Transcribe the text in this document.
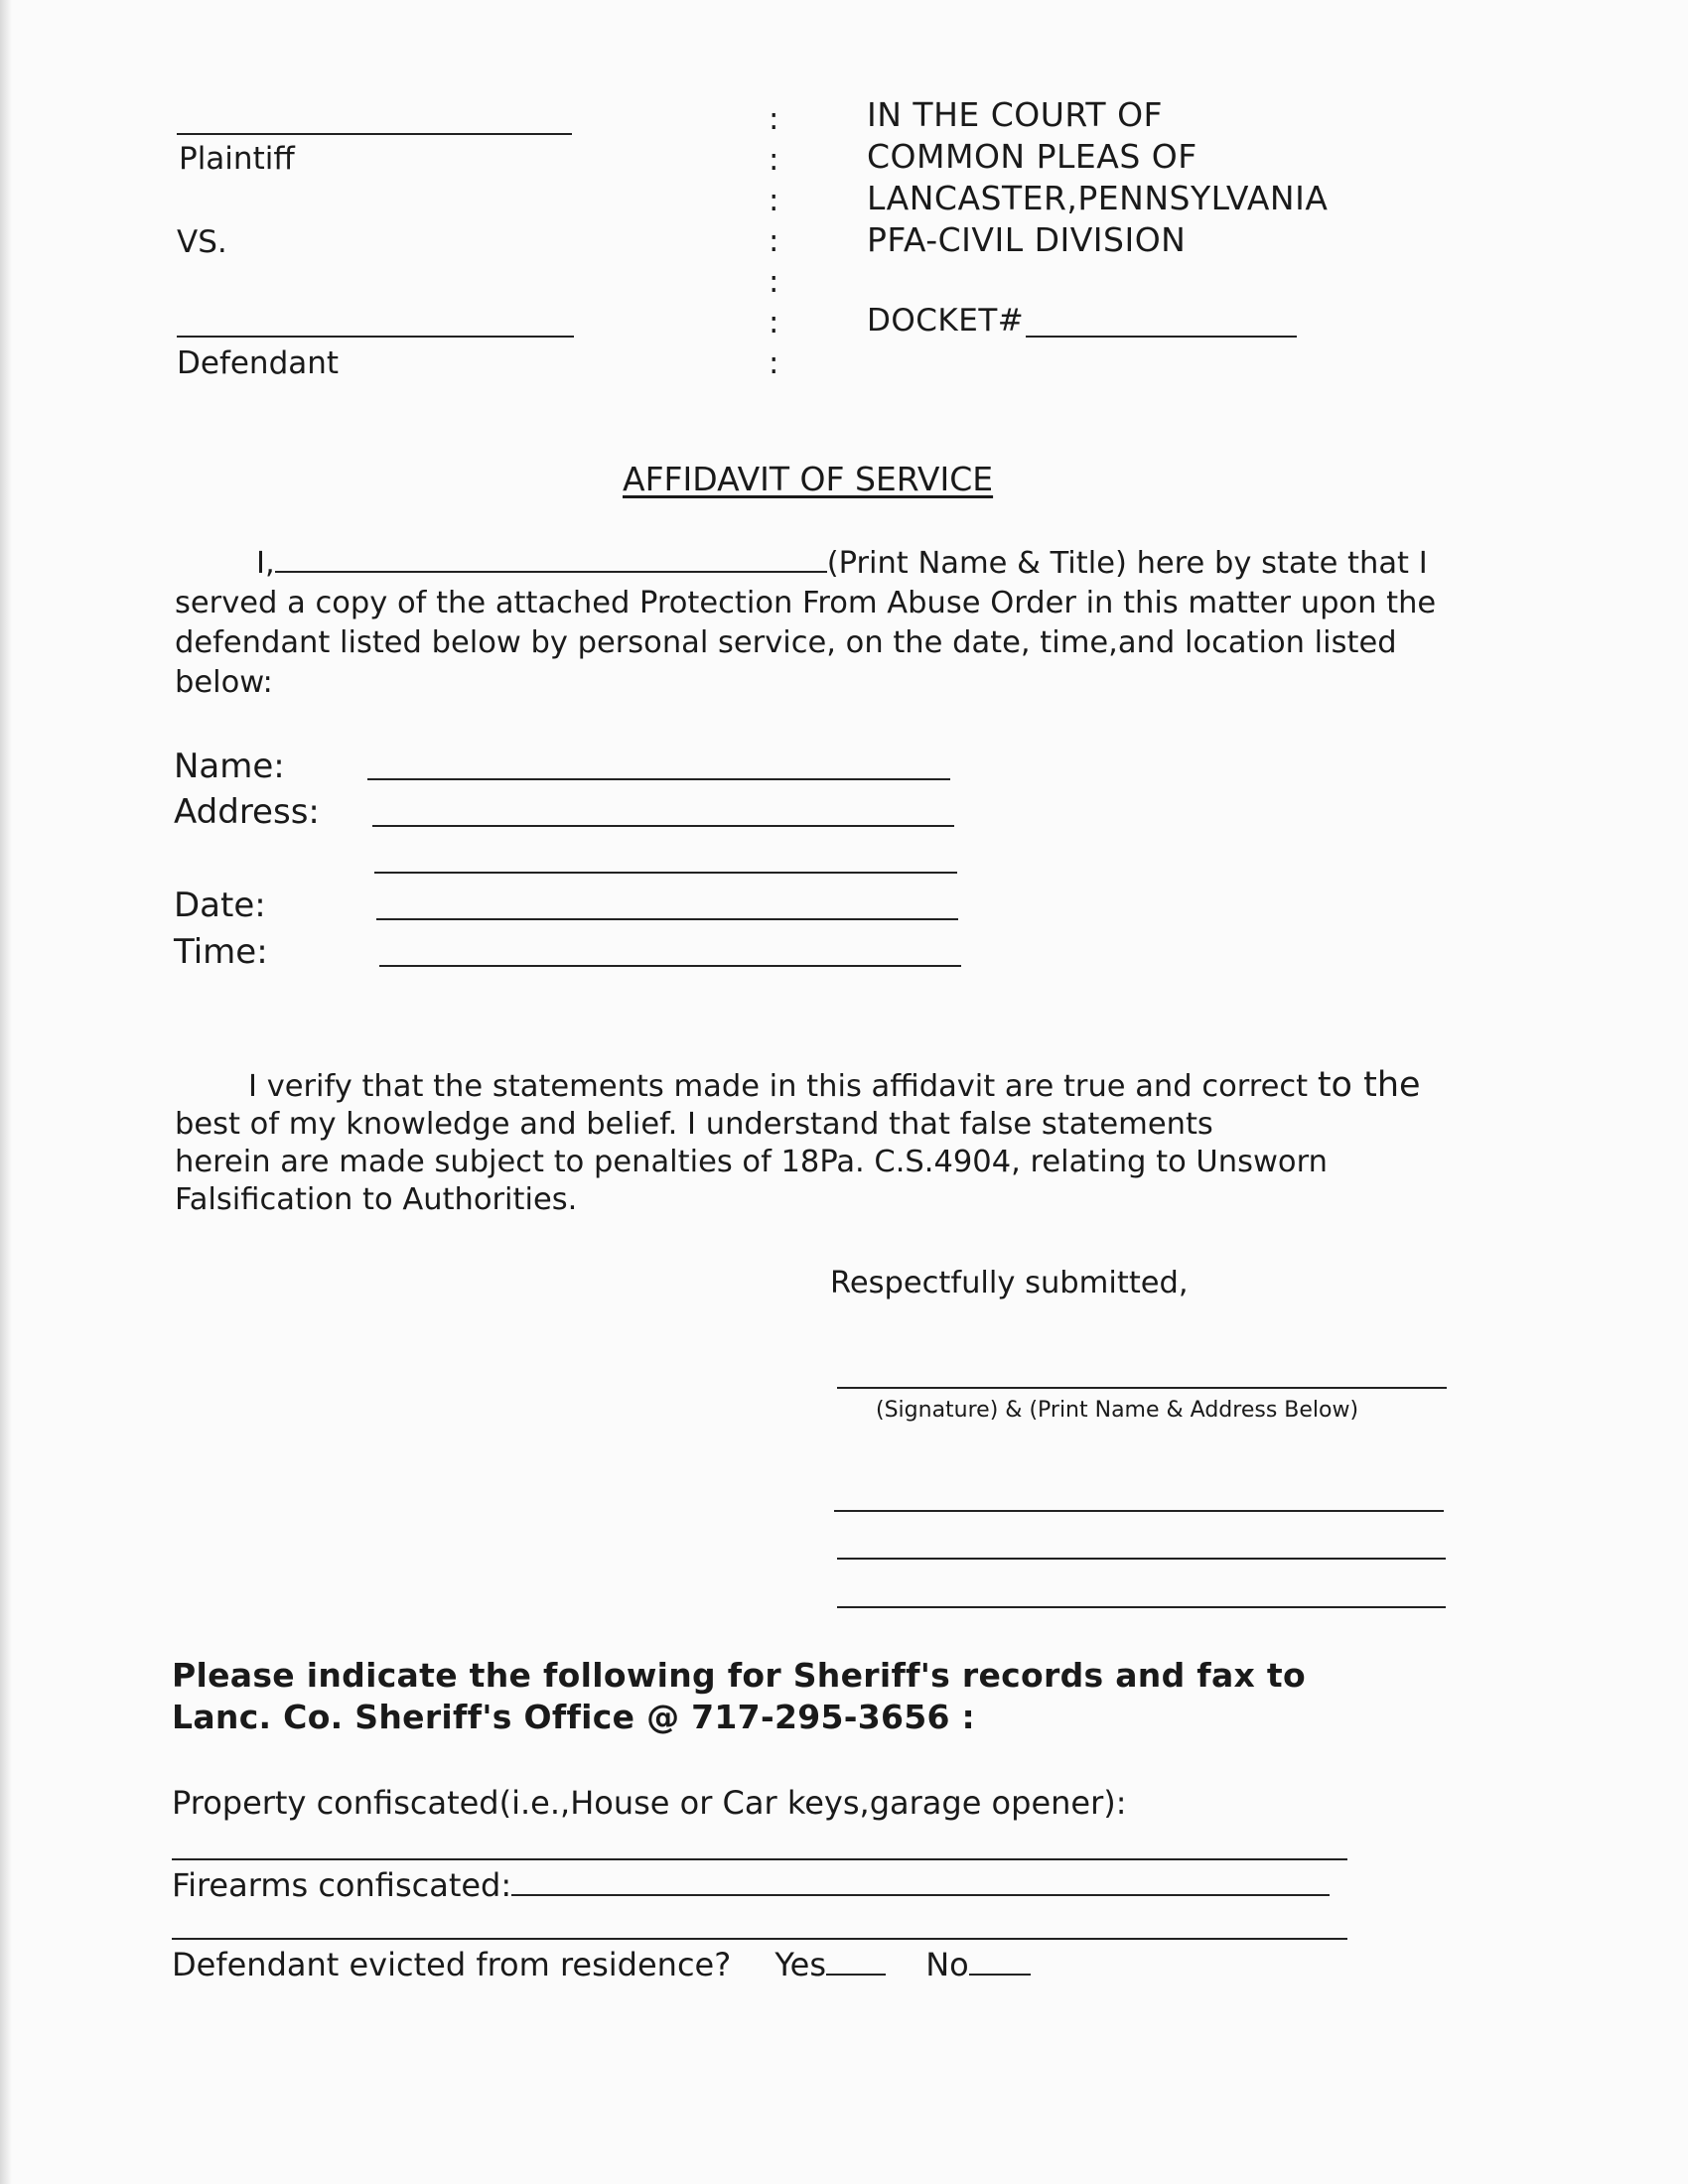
Plaintiff
VS.
Defendant
:
:
:
:
:
:
:
IN THE COURT OF
COMMON PLEAS OF
LANCASTER,PENNSYLVANIA
PFA-CIVIL DIVISION
DOCKET#
AFFIDAVIT OF SERVICE

I,	(Print Name & Title) here by state that I

served a copy of the attached Protection From Abuse Order in this matter upon the

defendant listed below by personal service, on the date, time,and location listed

below:

Name:
Address:
Date:
Time:

I verify that the statements made in this affidavit are true and correct to the

best of my knowledge and belief. I understand that false statements

herein are made subject to penalties of 18Pa. C.S.4904, relating to Unsworn

Falsification to Authorities.

Respectfully submitted,
(Signature) & (Print Name & Address Below)
Please indicate the following for Sheriff's records and fax to
Lanc. Co. Sheriff's Office @ 717-295-3656 :
Property confiscated(i.e.,House or Car keys,garage opener):
Firearms confiscated:
Defendant evicted from residence? Yes	No
